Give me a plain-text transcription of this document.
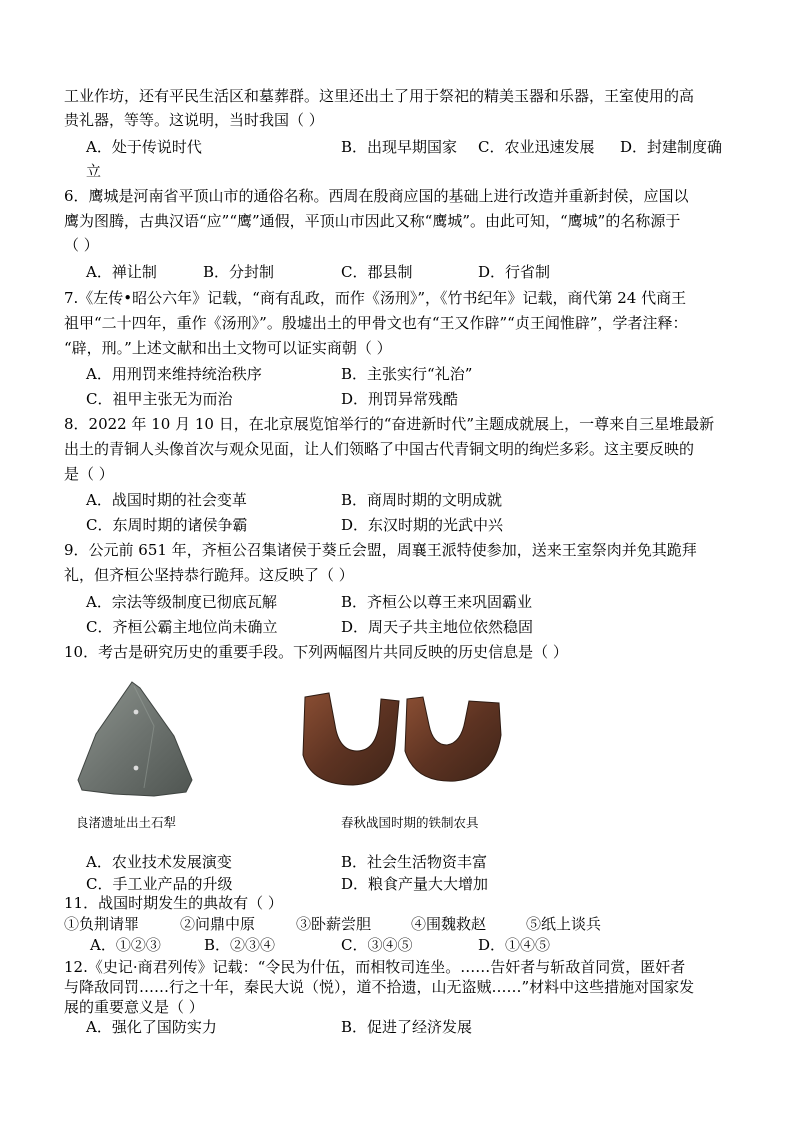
工业作坊，还有平民生活区和墓葬群。这里还出土了用于祭祀的精美玉器和乐器，王室使用的高
贵礼器，等等。这说明，当时我国（ ）
A．处于传说时代	B．出现早期国家 C．农业迅速发展 D．封建制度确
立
6．鹰城是河南省平顶山市的通俗名称。西周在殷商应国的基础上进行改造并重新封侯，应国以
鹰为图腾，古典汉语“应”“鹰”通假，平顶山市因此又称“鹰城”。由此可知，“鹰城”的名称源于
（ ）
A．禅让制	B．分封制	C．郡县制	D．行省制
7.《左传•昭公六年》记载，“商有乱政，而作《汤刑》”，《竹书纪年》记载，商代第 24 代商王
祖甲“二十四年，重作《汤刑》”。殷墟出土的甲骨文也有“王又作辟”“贞王闻惟辟”，学者注释：
“辟，刑。”上述文献和出土文物可以证实商朝（ ）
A．用刑罚来维持统治秩序	B．主张实行“礼治”
C．祖甲主张无为而治	D．刑罚异常残酷
8．2022 年 10 月 10 日，在北京展览馆举行的“奋进新时代”主题成就展上，一尊来自三星堆最新
出土的青铜人头像首次与观众见面，让人们领略了中国古代青铜文明的绚烂多彩。这主要反映的
是（ ）
A．战国时期的社会变革	B．商周时期的文明成就
C．东周时期的诸侯争霸	D．东汉时期的光武中兴
9．公元前 651 年，齐桓公召集诸侯于葵丘会盟，周襄王派特使参加，送来王室祭肉并免其跪拜
礼，但齐桓公坚持恭行跪拜。这反映了（ ）
A．宗法等级制度已彻底瓦解	B．齐桓公以尊王来巩固霸业
C．齐桓公霸主地位尚未确立	D．周天子共主地位依然稳固
10．考古是研究历史的重要手段。下列两幅图片共同反映的历史信息是（ ）
良渚遗址出土石犁	春秋战国时期的铁制农具
A．农业技术发展演变	B．社会生活物资丰富
C．手工业产品的升级	D．粮食产量大大增加
11．战国时期发生的典故有（ ）
①负荆请罪	②问鼎中原	③卧薪尝胆	④围魏救赵	⑤纸上谈兵
A．①②③	B．②③④	C．③④⑤	D．①④⑤
12.《史记·商君列传》记载：“令民为什伍，而相牧司连坐。……告奸者与斩敌首同赏，匿奸者
与降敌同罚……行之十年，秦民大说（悦），道不拾遗，山无盗贼……”材料中这些措施对国家发
展的重要意义是（ ）
A．强化了国防实力	B．促进了经济发展
